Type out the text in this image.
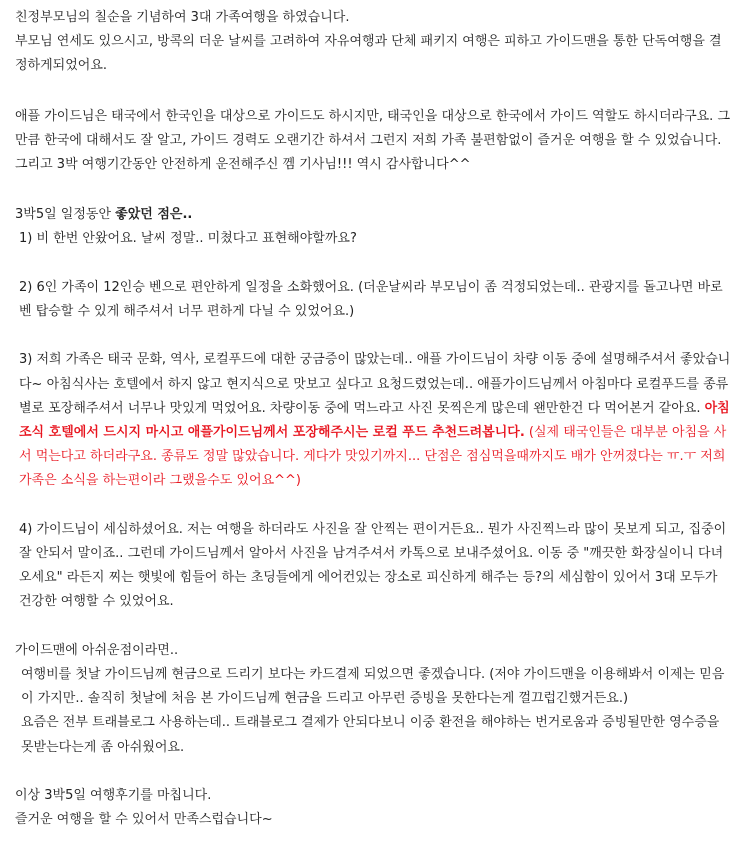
친정부모님의 칠순을 기념하여 3대 가족여행을 하였습니다.

부모님 연세도 있으시고, 방콕의 더운 날씨를 고려하여 자유여행과 단체 패키지 여행은 피하고 가이드맨을 통한 단독여행을 결정하게되었어요.

애플 가이드님은 태국에서 한국인을 대상으로 가이드도 하시지만, 태국인을 대상으로 한국에서 가이드 역할도 하시더라구요. 그만큼 한국에 대해서도 잘 알고, 가이드 경력도 오랜기간 하셔서 그런지 저희 가족 불편함없이 즐거운 여행을 할 수 있었습니다. 그리고 3박 여행기간동안 안전하게 운전해주신 껨 기사님!!! 역시 감사합니다^^

3박5일 일정동안 좋았던 점은..

1) 비 한번 안왔어요. 날씨 정말.. 미쳤다고 표현해야할까요?

2) 6인 가족이 12인승 벤으로 편안하게 일정을 소화했어요. (더운날씨라 부모님이 좀 걱정되었는데.. 관광지를 돌고나면 바로 벤 탑승할 수 있게 해주셔서 너무 편하게 다닐 수 있었어요.)

3) 저희 가족은 태국 문화, 역사, 로컬푸드에 대한 궁금증이 많았는데.. 애플 가이드님이 차량 이동 중에 설명해주셔서 좋았습니다~ 아침식사는 호텔에서 하지 않고 현지식으로 맛보고 싶다고 요청드렸었는데.. 애플가이드님께서 아침마다 로컬푸드를 종류별로 포장해주셔서 너무나 맛있게 먹었어요. 차량이동 중에 먹느라고 사진 못찍은게 많은데 왠만한건 다 먹어본거 같아요. 아침 조식 호텔에서 드시지 마시고 애플가이드님께서 포장해주시는 로컬 푸드 추천드려봅니다. (실제 태국인들은 대부분 아침을 사서 먹는다고 하더라구요. 종류도 정말 많았습니다. 게다가 맛있기까지... 단점은 점심먹을때까지도 배가 안꺼졌다는 ㅠ.ㅜ 저희 가족은 소식을 하는편이라 그랬을수도 있어요^^)

4) 가이드님이 세심하셨어요. 저는 여행을 하더라도 사진을 잘 안찍는 편이거든요.. 뭔가 사진찍느라 많이 못보게 되고, 집중이 잘 안되서 말이죠.. 그런데 가이드님께서 알아서 사진을 남겨주셔서 카톡으로 보내주셨어요. 이동 중 "깨끗한 화장실이니 다녀오세요" 라든지 찌는 햇빛에 힘들어 하는 초딩들에게 에어컨있는 장소로 피신하게 해주는 등?의 세심함이 있어서 3대 모두가 건강한 여행할 수 있었어요.

가이드맨에 아쉬운점이라면..

여행비를 첫날 가이드님께 현금으로 드리기 보다는 카드결제 되었으면 좋겠습니다. (저야 가이드맨을 이용해봐서 이제는 믿음이 가지만.. 솔직히 첫날에 처음 본 가이드님께 현금을 드리고 아무런 증빙을 못한다는게 껄끄럽긴했거든요.)

요즘은 전부 트래블로그 사용하는데.. 트래블로그 결제가 안되다보니 이중 환전을 해야하는 번거로움과 증빙될만한 영수증을 못받는다는게 좀 아쉬웠어요.

이상 3박5일 여행후기를 마칩니다.

즐거운 여행을 할 수 있어서 만족스럽습니다~
